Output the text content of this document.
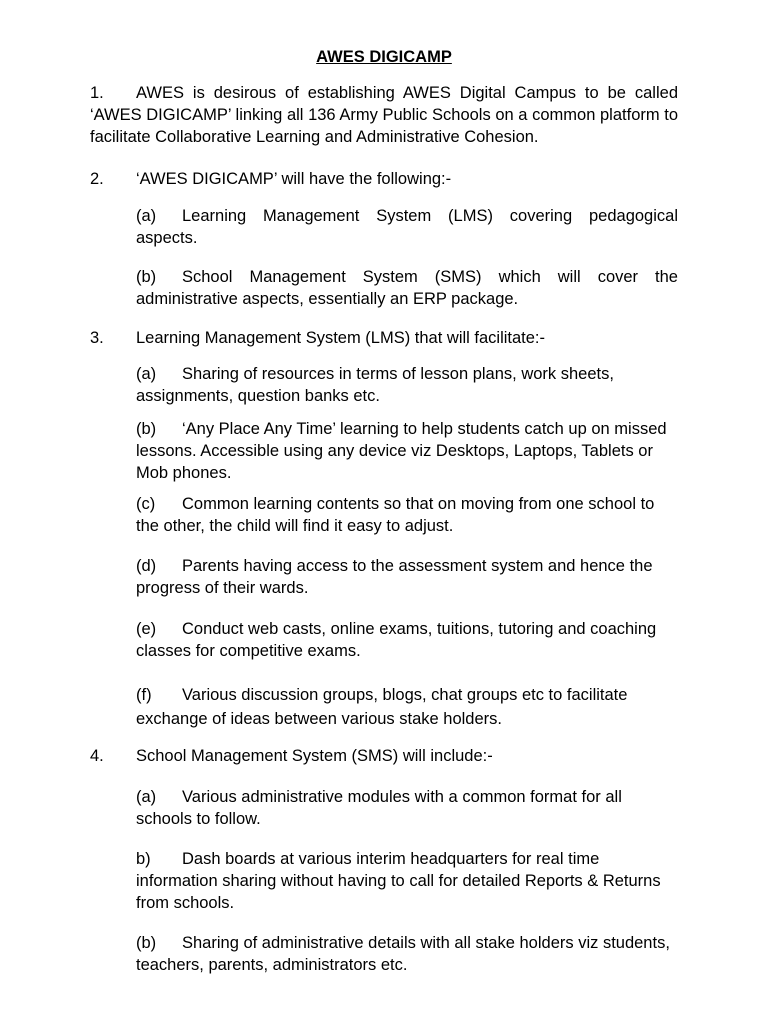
AWES DIGICAMP
1. AWES is desirous of establishing AWES Digital Campus to be called ‘AWES DIGICAMP’ linking all 136 Army Public Schools on a common platform to facilitate Collaborative Learning and Administrative Cohesion.
2. ‘AWES DIGICAMP’ will have the following:-
(a) Learning Management System (LMS) covering pedagogical aspects.
(b) School Management System (SMS) which will cover the administrative aspects, essentially an ERP package.
3. Learning Management System (LMS) that will facilitate:-
(a) Sharing of resources in terms of lesson plans, work sheets, assignments, question banks etc.
(b) ‘Any Place Any Time’ learning to help students catch up on missed lessons. Accessible using any device viz Desktops, Laptops, Tablets or Mob phones.
(c) Common learning contents so that on moving from one school to the other, the child will find it easy to adjust.
(d) Parents having access to the assessment system and hence the progress of their wards.
(e) Conduct web casts, online exams, tuitions, tutoring and coaching classes for competitive exams.
(f) Various discussion groups, blogs, chat groups etc to facilitate exchange of ideas between various stake holders.
4. School Management System (SMS) will include:-
(a) Various administrative modules with a common format for all schools to follow.
b) Dash boards at various interim headquarters for real time information sharing without having to call for detailed Reports & Returns from schools.
(b) Sharing of administrative details with all stake holders viz students, teachers, parents, administrators etc.
